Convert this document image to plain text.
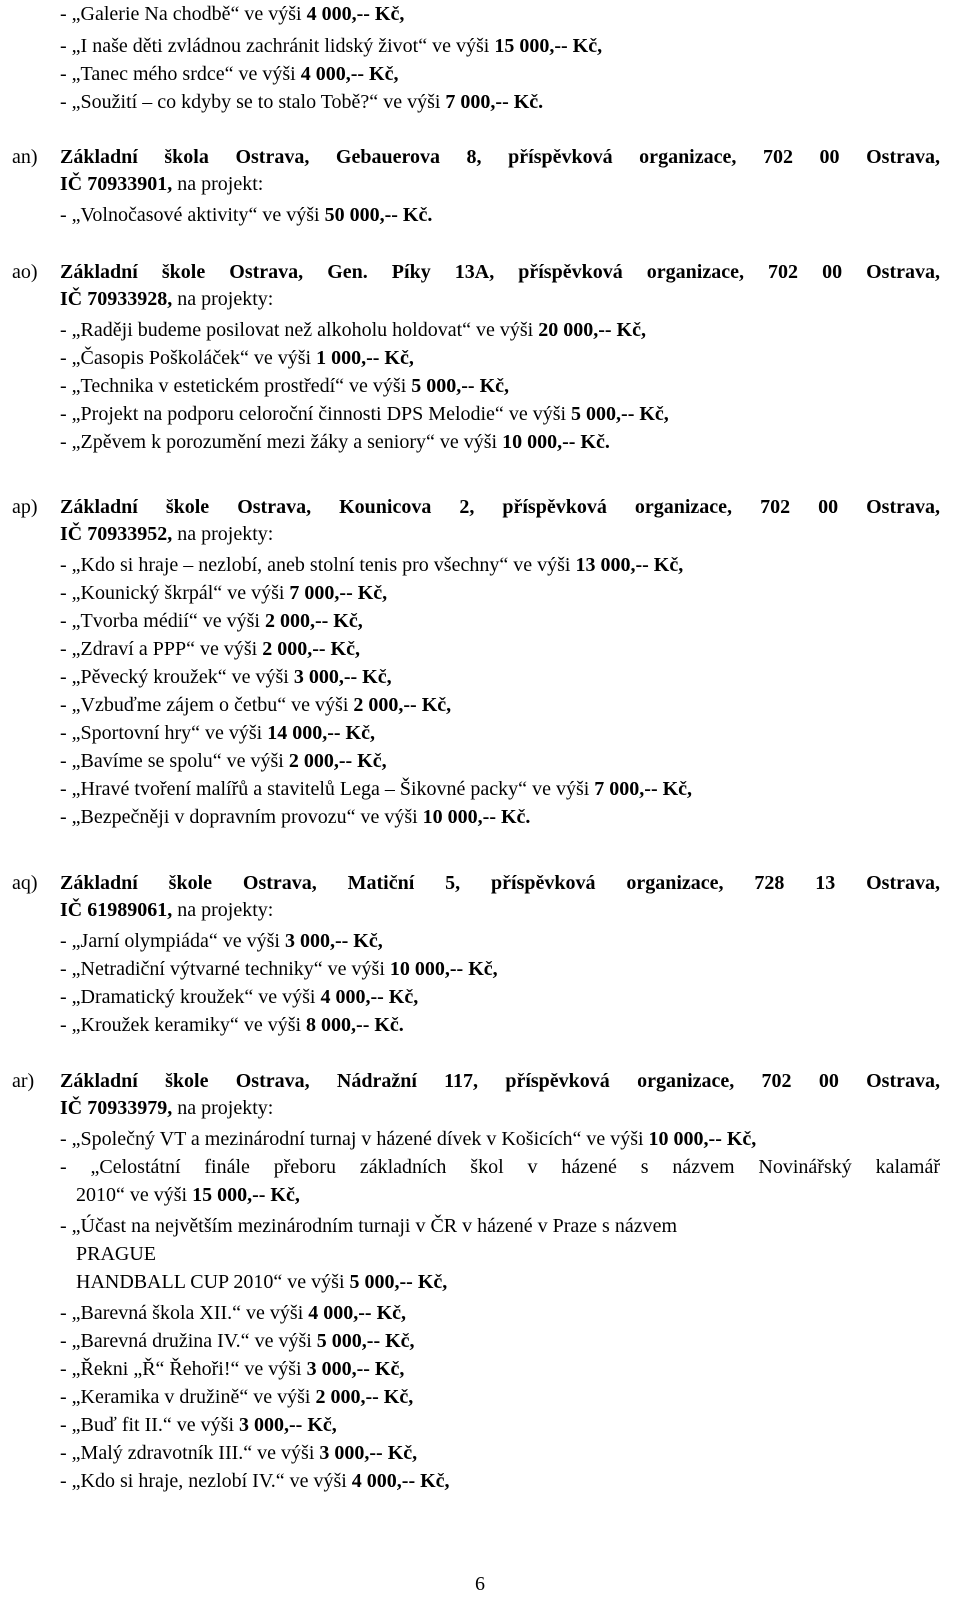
- „Galerie Na chodbě“ ve výši 4 000,-- Kč,
- „I naše děti zvládnou zachránit lidský život“ ve výši 15 000,-- Kč,
- „Tanec mého srdce“ ve výši 4 000,-- Kč,
- „Soužití – co kdyby se to stalo Tobě?“ ve výši 7 000,-- Kč.
an)	Základní škola Ostrava, Gebauerova 8, příspěvková organizace, 702 00 Ostrava,
IČ 70933901, na projekt:
- „Volnočasové aktivity“ ve výši 50 000,-- Kč.
ao)	Základní škole Ostrava, Gen. Píky 13A, příspěvková organizace, 702 00 Ostrava,
IČ 70933928, na projekty:
- „Raději budeme posilovat než alkoholu holdovat“ ve výši 20 000,-- Kč,
- „Časopis Poškoláček“ ve výši 1 000,-- Kč,
- „Technika v estetickém prostředí“ ve výši 5 000,-- Kč,
- „Projekt na podporu celoroční činnosti DPS Melodie“ ve výši 5 000,-- Kč,
- „Zpěvem k porozumění mezi žáky a seniory“ ve výši 10 000,-- Kč.
ap)	Základní škole Ostrava, Kounicova 2, příspěvková organizace, 702 00 Ostrava,
IČ 70933952, na projekty:
- „Kdo si hraje – nezlobí, aneb stolní tenis pro všechny“ ve výši 13 000,-- Kč,
- „Kounický škrpál“ ve výši 7 000,-- Kč,
- „Tvorba médií“ ve výši 2 000,-- Kč,
- „Zdraví a PPP“ ve výši 2 000,-- Kč,
- „Pěvecký kroužek“ ve výši 3 000,-- Kč,
- „Vzbuďme zájem o četbu“ ve výši 2 000,-- Kč,
- „Sportovní hry“ ve výši 14 000,-- Kč,
- „Bavíme se spolu“ ve výši 2 000,-- Kč,
- „Hravé tvoření malířů a stavitelů Lega – Šikovné packy“ ve výši 7 000,-- Kč,
- „Bezpečněji v dopravním provozu“ ve výši 10 000,-- Kč.
aq)	Základní škole Ostrava, Matiční 5, příspěvková organizace, 728 13 Ostrava,
IČ 61989061, na projekty:
- „Jarní olympiáda“ ve výši 3 000,-- Kč,
- „Netradiční výtvarné techniky“ ve výši 10 000,-- Kč,
- „Dramatický kroužek“ ve výši 4 000,-- Kč,
- „Kroužek keramiky“ ve výši 8 000,-- Kč.
ar)	Základní škole Ostrava, Nádražní 117, příspěvková organizace, 702 00 Ostrava,
IČ 70933979, na projekty:
- „Společný VT a mezinárodní turnaj v házené dívek v Košicích“ ve výši 10 000,-- Kč,
- „Celostátní finále přeboru základních škol v házené s názvem Novinářský kalamář
2010“ ve výši 15 000,-- Kč,
- „Účast na největším mezinárodním turnaji v ČR v házené v Praze s názvem
PRAGUE
HANDBALL CUP 2010“ ve výši 5 000,-- Kč,
- „Barevná škola XII.“ ve výši 4 000,-- Kč,
- „Barevná družina IV.“ ve výši 5 000,-- Kč,
- „Řekni „Ř“ Řehoři!“ ve výši 3 000,-- Kč,
- „Keramika v družině“ ve výši 2 000,-- Kč,
- „Buď fit II.“ ve výši 3 000,-- Kč,
- „Malý zdravotník III.“ ve výši 3 000,-- Kč,
- „Kdo si hraje, nezlobí IV.“ ve výši 4 000,-- Kč,
6
